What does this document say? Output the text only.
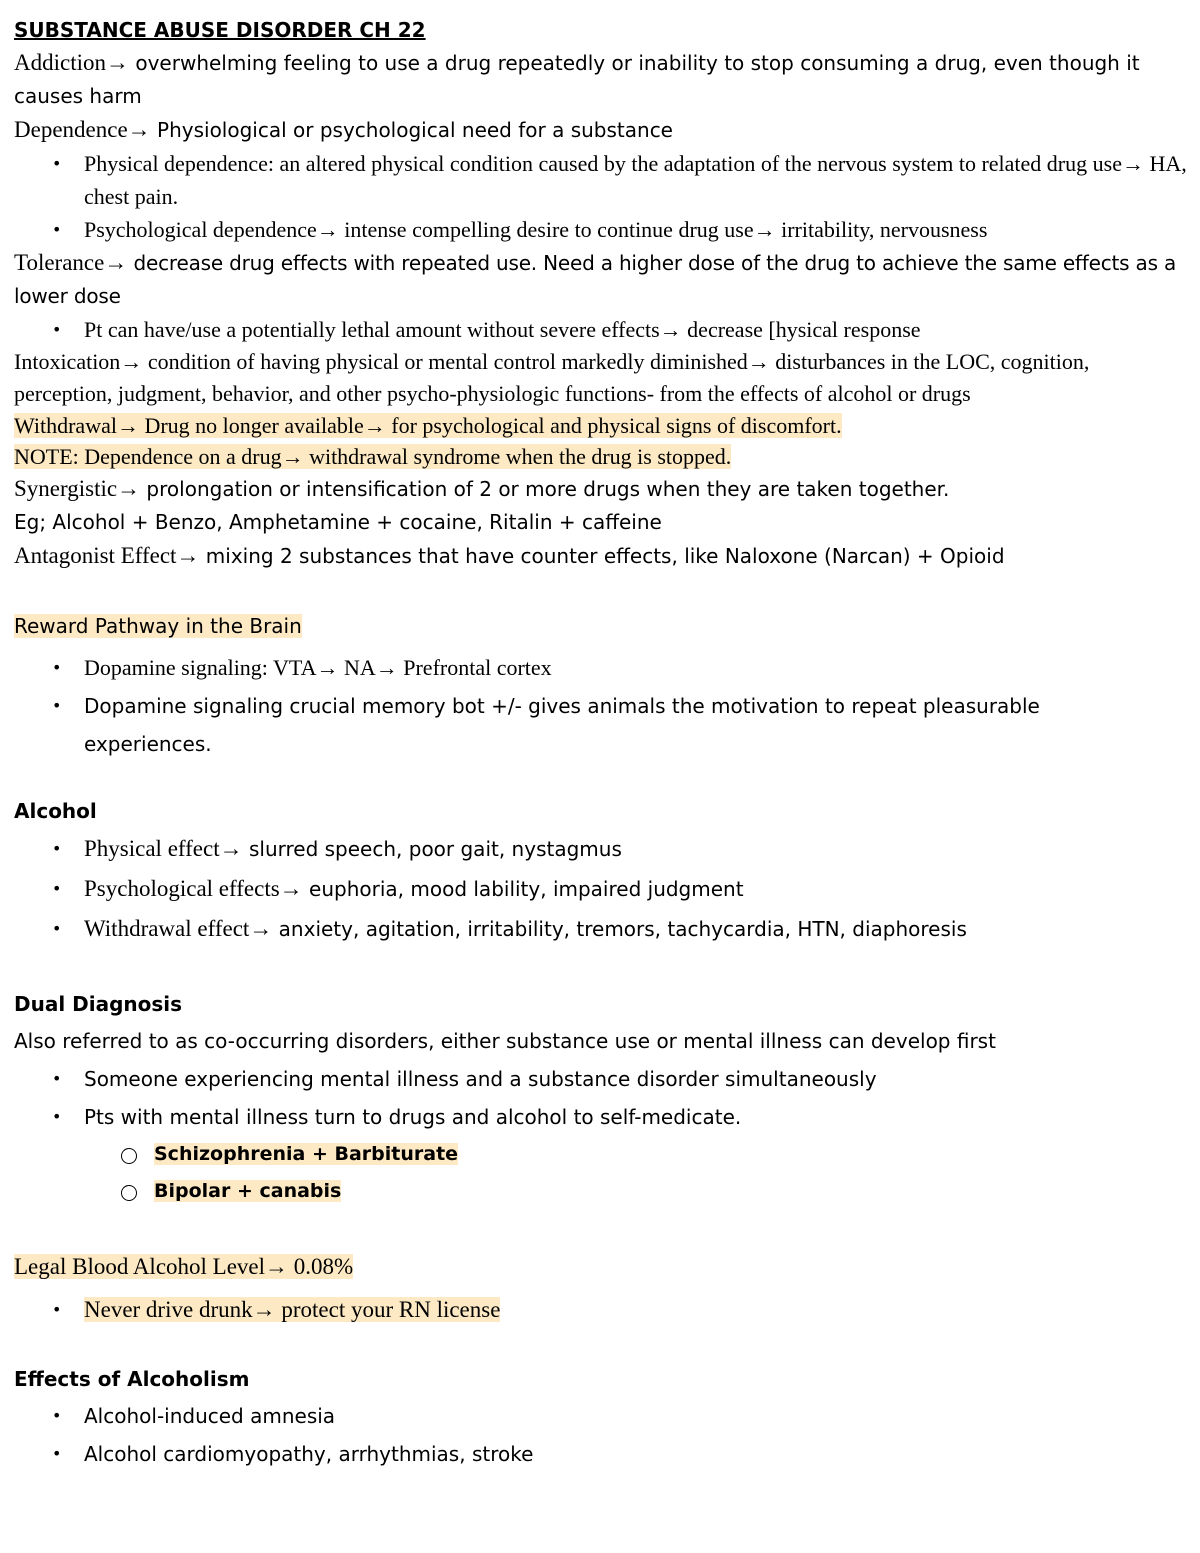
SUBSTANCE ABUSE DISORDER CH 22
Addiction→ overwhelming feeling to use a drug repeatedly or inability to stop consuming a drug, even though it causes harm
Dependence→ Physiological or psychological need for a substance
• Physical dependence: an altered physical condition caused by the adaptation of the nervous system to related drug use→ HA, chest pain.
• Psychological dependence→ intense compelling desire to continue drug use→ irritability, nervousness
Tolerance→ decrease drug effects with repeated use. Need a higher dose of the drug to achieve the same effects as a lower dose
• Pt can have/use a potentially lethal amount without severe effects→ decrease [hysical response
Intoxication→ condition of having physical or mental control markedly diminished→ disturbances in the LOC, cognition, perception, judgment, behavior, and other psycho-physiologic functions- from the effects of alcohol or drugs
Withdrawal→ Drug no longer available→ for psychological and physical signs of discomfort.
NOTE: Dependence on a drug→ withdrawal syndrome when the drug is stopped.
Synergistic→ prolongation or intensification of 2 or more drugs when they are taken together.
Eg; Alcohol + Benzo, Amphetamine + cocaine, Ritalin + caffeine
Antagonist Effect→ mixing 2 substances that have counter effects, like Naloxone (Narcan) + Opioid
Reward Pathway in the Brain
• Dopamine signaling: VTA→ NA→ Prefrontal cortex
• Dopamine signaling crucial memory bot +/- gives animals the motivation to repeat pleasurable experiences.
Alcohol
• Physical effect→ slurred speech, poor gait, nystagmus
• Psychological effects→ euphoria, mood lability, impaired judgment
• Withdrawal effect→ anxiety, agitation, irritability, tremors, tachycardia, HTN, diaphoresis
Dual Diagnosis
Also referred to as co-occurring disorders, either substance use or mental illness can develop first
• Someone experiencing mental illness and a substance disorder simultaneously
• Pts with mental illness turn to drugs and alcohol to self-medicate.
Schizophrenia + Barbiturate
Bipolar + canabis
Legal Blood Alcohol Level→ 0.08%
• Never drive drunk→ protect your RN license
Effects of Alcoholism
• Alcohol-induced amnesia
• Alcohol cardiomyopathy, arrhythmias, stroke
